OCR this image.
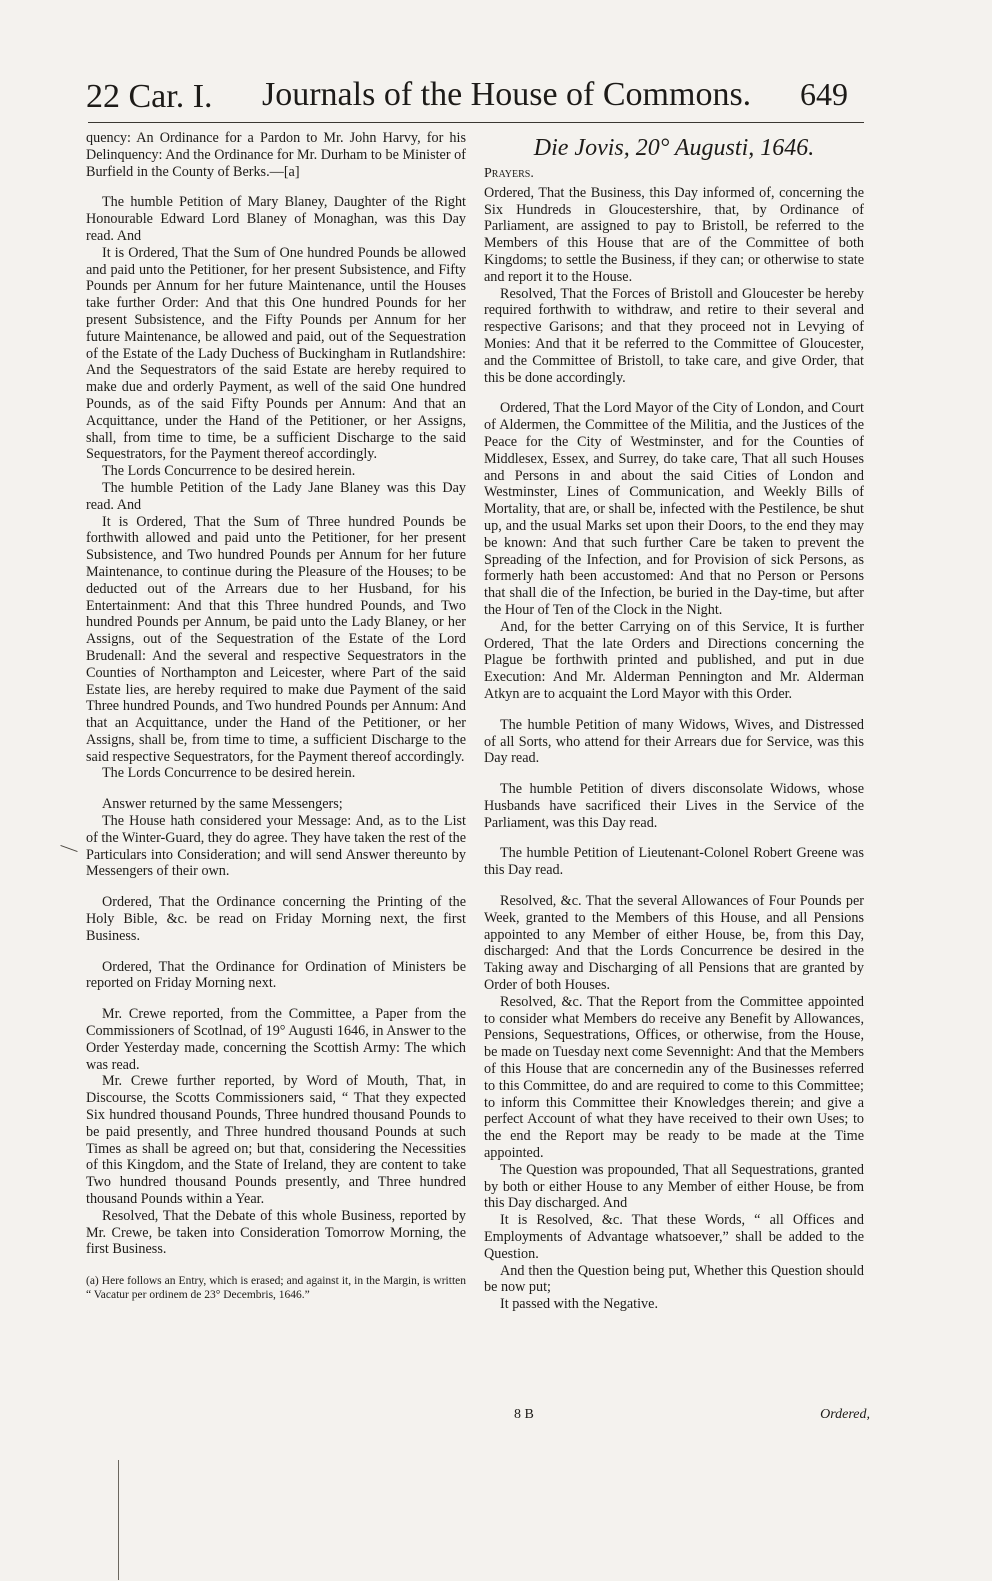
22 Car. I. Journals of the House of Commons. 649

quency: An Ordinance for a Pardon to Mr. John Harvy, for his Delinquency: And the Ordinance for Mr. Durham to be Minister of Burfield in the County of Berks.—[a]

The humble Petition of Mary Blaney, Daughter of the Right Honourable Edward Lord Blaney of Monaghan, was this Day read. And

It is Ordered, That the Sum of One hundred Pounds be allowed and paid unto the Petitioner, for her present Subsistence, and Fifty Pounds per Annum for her future Maintenance, until the Houses take further Order: And that this One hundred Pounds for her present Subsistence, and the Fifty Pounds per Annum for her future Maintenance, be allowed and paid, out of the Sequestration of the Estate of the Lady Duchess of Buckingham in Rutlandshire: And the Sequestrators of the said Estate are hereby required to make due and orderly Payment, as well of the said One hundred Pounds, as of the said Fifty Pounds per Annum: And that an Acquittance, under the Hand of the Petitioner, or her Assigns, shall, from time to time, be a sufficient Discharge to the said Sequestrators, for the Payment thereof accordingly.

The Lords Concurrence to be desired herein.

The humble Petition of the Lady Jane Blaney was this Day read. And

It is Ordered, That the Sum of Three hundred Pounds be forthwith allowed and paid unto the Petitioner, for her present Subsistence, and Two hundred Pounds per Annum for her future Maintenance, to continue during the Pleasure of the Houses; to be deducted out of the Arrears due to her Husband, for his Entertainment: And that this Three hundred Pounds, and Two hundred Pounds per Annum, be paid unto the Lady Blaney, or her Assigns, out of the Sequestration of the Estate of the Lord Brudenall: And the several and respective Sequestrators in the Counties of Northampton and Leicester, where Part of the said Estate lies, are hereby required to make due Payment of the said Three hundred Pounds, and Two hundred Pounds per Annum: And that an Acquittance, under the Hand of the Petitioner, or her Assigns, shall be, from time to time, a sufficient Discharge to the said respective Sequestrators, for the Payment thereof accordingly.

The Lords Concurrence to be desired herein.

Answer returned by the same Messengers;

The House hath considered your Message: And, as to the List of the Winter-Guard, they do agree. They have taken the rest of the Particulars into Consideration; and will send Answer thereunto by Messengers of their own.

Ordered, That the Ordinance concerning the Printing of the Holy Bible, &c. be read on Friday Morning next, the first Business.

Ordered, That the Ordinance for Ordination of Ministers be reported on Friday Morning next.

Mr. Crewe reported, from the Committee, a Paper from the Commissioners of Scotlnad, of 19° Augusti 1646, in Answer to the Order Yesterday made, concerning the Scottish Army: The which was read.

Mr. Crewe further reported, by Word of Mouth, That, in Discourse, the Scotts Commissioners said, “ That they expected Six hundred thousand Pounds, Three hundred thousand Pounds to be paid presently, and Three hundred thousand Pounds at such Times as shall be agreed on; but that, considering the Necessities of this Kingdom, and the State of Ireland, they are content to take Two hundred thousand Pounds presently, and Three hundred thousand Pounds within a Year.

Resolved, That the Debate of this whole Business, reported by Mr. Crewe, be taken into Consideration Tomorrow Morning, the first Business.

(a) Here follows an Entry, which is erased; and against it, in the Margin, is written “ Vacatur per ordinem de 23° Decembris, 1646.”

Die Jovis, 20° Augusti, 1646.

Prayers.

Ordered, That the Business, this Day informed of, concerning the Six Hundreds in Gloucestershire, that, by Ordinance of Parliament, are assigned to pay to Bristoll, be referred to the Members of this House that are of the Committee of both Kingdoms; to settle the Business, if they can; or otherwise to state and report it to the House.

Resolved, That the Forces of Bristoll and Gloucester be hereby required forthwith to withdraw, and retire to their several and respective Garisons; and that they proceed not in Levying of Monies: And that it be referred to the Committee of Gloucester, and the Committee of Bristoll, to take care, and give Order, that this be done accordingly.

Ordered, That the Lord Mayor of the City of London, and Court of Aldermen, the Committee of the Militia, and the Justices of the Peace for the City of Westminster, and for the Counties of Middlesex, Essex, and Surrey, do take care, That all such Houses and Persons in and about the said Cities of London and Westminster, Lines of Communication, and Weekly Bills of Mortality, that are, or shall be, infected with the Pestilence, be shut up, and the usual Marks set upon their Doors, to the end they may be known: And that such further Care be taken to prevent the Spreading of the Infection, and for Provision of sick Persons, as formerly hath been accustomed: And that no Person or Persons that shall die of the Infection, be buried in the Day-time, but after the Hour of Ten of the Clock in the Night.

And, for the better Carrying on of this Service, It is further Ordered, That the late Orders and Directions concerning the Plague be forthwith printed and published, and put in due Execution: And Mr. Alderman Pennington and Mr. Alderman Atkyn are to acquaint the Lord Mayor with this Order.

The humble Petition of many Widows, Wives, and Distressed of all Sorts, who attend for their Arrears due for Service, was this Day read.

The humble Petition of divers disconsolate Widows, whose Husbands have sacrificed their Lives in the Service of the Parliament, was this Day read.

The humble Petition of Lieutenant-Colonel Robert Greene was this Day read.

Resolved, &c. That the several Allowances of Four Pounds per Week, granted to the Members of this House, and all Pensions appointed to any Member of either House, be, from this Day, discharged: And that the Lords Concurrence be desired in the Taking away and Discharging of all Pensions that are granted by Order of both Houses.

Resolved, &c. That the Report from the Committee appointed to consider what Members do receive any Benefit by Allowances, Pensions, Sequestrations, Offices, or otherwise, from the House, be made on Tuesday next come Sevennight: And that the Members of this House that are concernedin any of the Businesses referred to this Committee, do and are required to come to this Committee; to inform this Committee their Knowledges therein; and give a perfect Account of what they have received to their own Uses; to the end the Report may be ready to be made at the Time appointed.

The Question was propounded, That all Sequestrations, granted by both or either House to any Member of either House, be from this Day discharged. And

It is Resolved, &c. That these Words, “ all Offices and Employments of Advantage whatsoever,” shall be added to the Question.

And then the Question being put, Whether this Question should be now put;

It passed with the Negative.

8 B	Ordered,
